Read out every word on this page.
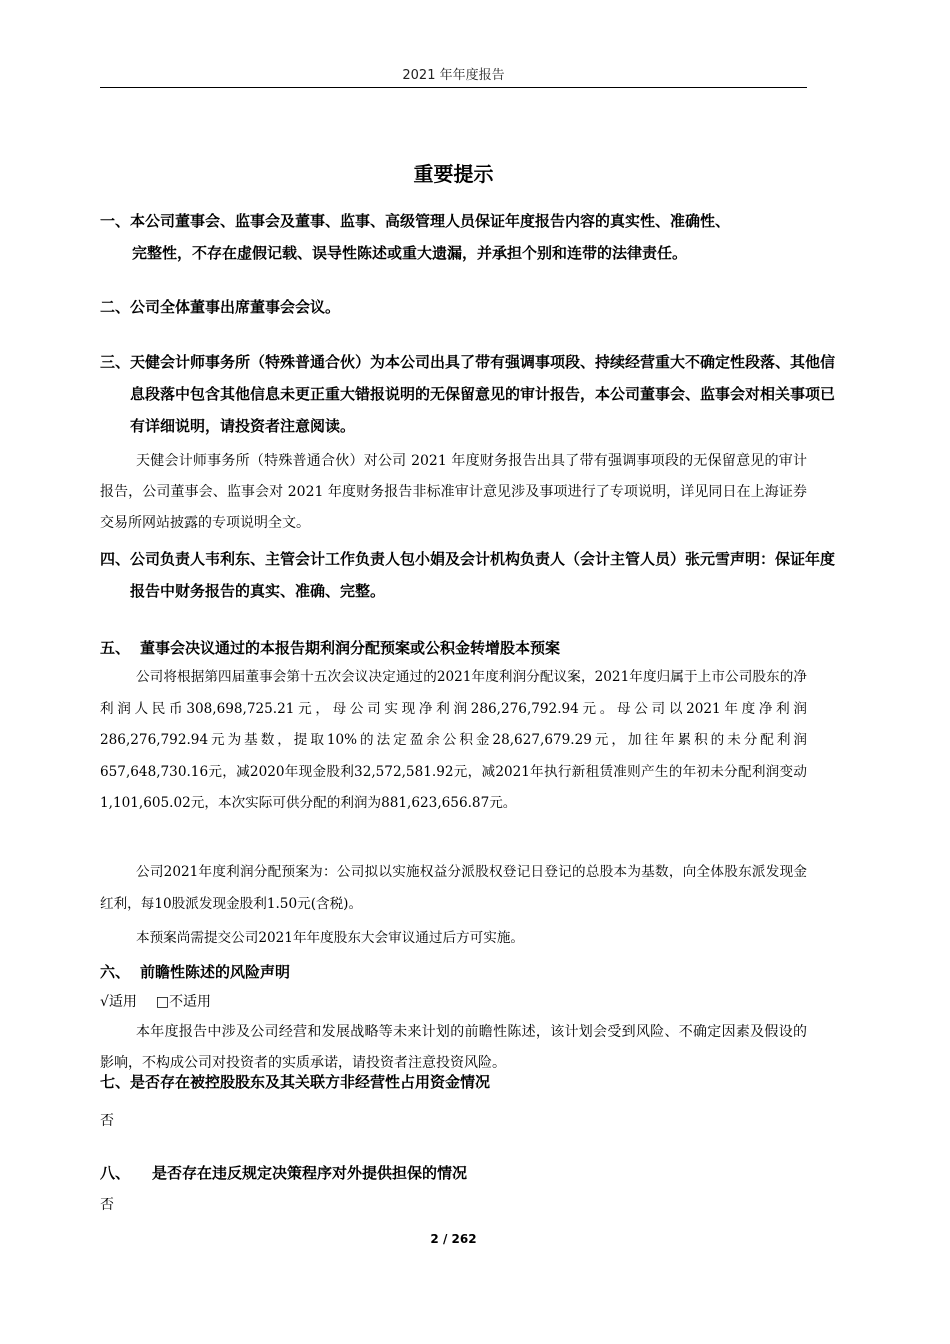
2021 年年度报告
重要提示
一、本公司董事会、监事会及董事、监事、高级管理人员保证年度报告内容的真实性、准确性、
完整性，不存在虚假记载、误导性陈述或重大遗漏，并承担个别和连带的法律责任。
二、公司全体董事出席董事会会议。
三、天健会计师事务所（特殊普通合伙）为本公司出具了带有强调事项段、持续经营重大不确定性段落、其他信息段落中包含其他信息未更正重大错报说明的无保留意见的审计报告，本公司董事会、监事会对相关事项已有详细说明，请投资者注意阅读。
天健会计师事务所（特殊普通合伙）对公司 2021 年度财务报告出具了带有强调事项段的无保留意见的审计报告，公司董事会、监事会对 2021 年度财务报告非标准审计意见涉及事项进行了专项说明，详见同日在上海证券交易所网站披露的专项说明全文。
四、公司负责人韦利东、主管会计工作负责人包小娟及会计机构负责人（会计主管人员）张元雪声明：保证年度报告中财务报告的真实、准确、完整。
五、 董事会决议通过的本报告期利润分配预案或公积金转增股本预案
公司将根据第四届董事会第十五次会议决定通过的2021年度利润分配议案，2021年度归属于上市公司股东的净利润人民币308,698,725.21元，母公司实现净利润286,276,792.94元。母公司以2021年度净利润286,276,792.94元为基数，提取10%的法定盈余公积金28,627,679.29元，加往年累积的未分配利润657,648,730.16元，减2020年现金股利32,572,581.92元，减2021年执行新租赁准则产生的年初未分配利润变动1,101,605.02元，本次实际可供分配的利润为881,623,656.87元。
公司2021年度利润分配预案为：公司拟以实施权益分派股权登记日登记的总股本为基数，向全体股东派发现金红利，每10股派发现金股利1.50元(含税)。
本预案尚需提交公司2021年年度股东大会审议通过后方可实施。
六、 前瞻性陈述的风险声明
√适用 □不适用
本年度报告中涉及公司经营和发展战略等未来计划的前瞻性陈述，该计划会受到风险、不确定因素及假设的影响，不构成公司对投资者的实质承诺，请投资者注意投资风险。
七、是否存在被控股股东及其关联方非经营性占用资金情况
否
八、 是否存在违反规定决策程序对外提供担保的情况
否
2 / 262
